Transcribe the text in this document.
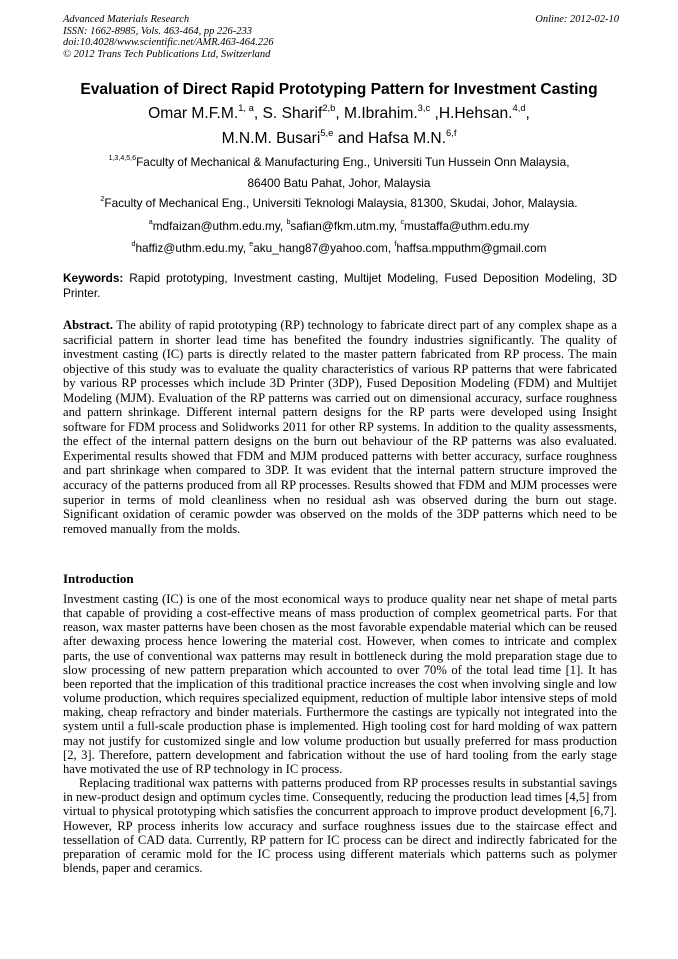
Advanced Materials Research
ISSN: 1662-8985, Vols. 463-464, pp 226-233
doi:10.4028/www.scientific.net/AMR.463-464.226
© 2012 Trans Tech Publications Ltd, Switzerland
Online: 2012-02-10
Evaluation of Direct Rapid Prototyping Pattern for Investment Casting
Omar M.F.M.$^{1, a}$, S. Sharif$^{2,b}$, M.Ibrahim.$^{3,c}$ ,H.Hehsan.$^{4,d}$,
M.N.M. Busari$^{5,e}$ and Hafsa M.N.$^{6,f}$
$^{1,3,4,5,6}$Faculty of Mechanical & Manufacturing Eng., Universiti Tun Hussein Onn Malaysia,
86400 Batu Pahat, Johor, Malaysia
$^2$Faculty of Mechanical Eng., Universiti Teknologi Malaysia, 81300, Skudai, Johor, Malaysia.
$^a$mdfaizan@uthm.edu.my, $^b$safian@fkm.utm.my, $^c$mustaffa@uthm.edu.my
$^d$haffiz@uthm.edu.my, $^e$aku_hang87@yahoo.com, $^f$haffsa.mpputhm@gmail.com
Keywords: Rapid prototyping, Investment casting, Multijet Modeling, Fused Deposition Modeling, 3D Printer.
Abstract. The ability of rapid prototyping (RP) technology to fabricate direct part of any complex shape as a sacrificial pattern in shorter lead time has benefited the foundry industries significantly. The quality of investment casting (IC) parts is directly related to the master pattern fabricated from RP process. The main objective of this study was to evaluate the quality characteristics of various RP patterns that were fabricated by various RP processes which include 3D Printer (3DP), Fused Deposition Modeling (FDM) and Multijet Modeling (MJM). Evaluation of the RP patterns was carried out on dimensional accuracy, surface roughness and pattern shrinkage. Different internal pattern designs for the RP parts were developed using Insight software for FDM process and Solidworks 2011 for other RP systems. In addition to the quality assessments, the effect of the internal pattern designs on the burn out behaviour of the RP patterns was also evaluated. Experimental results showed that FDM and MJM produced patterns with better accuracy, surface roughness and part shrinkage when compared to 3DP. It was evident that the internal pattern structure improved the accuracy of the patterns produced from all RP processes. Results showed that FDM and MJM processes were superior in terms of mold cleanliness when no residual ash was observed during the burn out stage. Significant oxidation of ceramic powder was observed on the molds of the 3DP patterns which need to be removed manually from the molds.
Introduction

Investment casting (IC) is one of the most economical ways to produce quality near net shape of metal parts that capable of providing a cost-effective means of mass production of complex geometrical parts. For that reason, wax master patterns have been chosen as the most favorable expendable material which can be reused after dewaxing process hence lowering the material cost. However, when comes to intricate and complex parts, the use of conventional wax patterns may result in bottleneck during the mold preparation stage due to slow processing of new pattern preparation which accounted to over 70% of the total lead time [1]. It has been reported that the implication of this traditional practice increases the cost when involving single and low volume production, which requires specialized equipment, reduction of multiple labor intensive steps of mold making, cheap refractory and binder materials. Furthermore the castings are typically not integrated into the system until a full-scale production phase is implemented. High tooling cost for hard molding of wax pattern may not justify for customized single and low volume production but usually preferred for mass production [2, 3]. Therefore, pattern development and fabrication without the use of hard tooling from the early stage have motivated the use of RP technology in IC process.

Replacing traditional wax patterns with patterns produced from RP processes results in substantial savings in new-product design and optimum cycles time. Consequently, reducing the production lead times [4,5] from virtual to physical prototyping which satisfies the concurrent approach to improve product development [6,7]. However, RP process inherits low accuracy and surface roughness issues due to the staircase effect and tessellation of CAD data. Currently, RP pattern for IC process can be direct and indirectly fabricated for the preparation of ceramic mold for the IC process using different materials which patterns such as polymer blends, paper and ceramics.
